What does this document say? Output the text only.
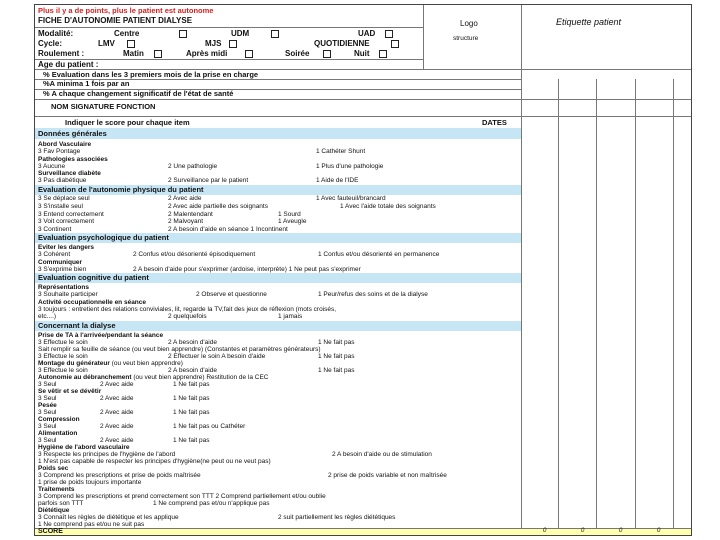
Plus il y a de points, plus le patient est autonome
FICHE D'AUTONOMIE PATIENT DIALYSE	Logo
structure
Etiquette patient
Modalité:	Centre	UDM	UAD
Cycle:	LMV	MJS	QUOTIDIENNE
Roulement :	Matin	Après midi	Soirée	Nuit
Age du patient :
% Evaluation dans les 3 premiers mois de la prise en charge
%A minima 1 fois par an
% A chaque changement significatif de l'état de santé
NOM SIGNATURE FONCTION
Indiquer le score pour chaque item	DATES
Données générales
Abord Vasculaire
3 Fav Pontage	1 Cathéter Shunt
Pathologies associées
3 Aucune	2 Une pathologie	1 Plus d'une pathologie
Surveillance diabète
3 Pas diabétique	2 Surveillance par le patient	1 Aide de l'IDE
Evaluation de l'autonomie physique du patient
3 Se déplace seul	2 Avec aide	1 Avec fauteuil/brancard
3 S'installe seul	2 Avec aide partielle des soignants	1 Avec l'aide totale des soignants
3 Entend correctement	2 Malentendant	1 Sourd
3 Voit correctement	2 Malvoyant	1 Aveugle
3 Continent	2 A besoin d'aide en séance 1 Incontinent
Evaluation psychologique du patient
Eviter les dangers
3 Cohérent	2 Confus et/ou désorienté épisodiquement	1 Confus et/ou désorienté en permanence
Communiquer
3 S'exprime bien	2 A besoin d'aide pour s'exprimer (ardoise, interprète) 1 Ne peut pas s'exprimer
Evaluation cognitive du patient
Représentations
3 Souhaite participer	2 Observe et questionne	1 Peur/refus des soins et de la dialyse
Activité occupationnelle en séance
3 toujours : entretient des relations conviviales, lit, regarde la TV,fait des jeux de réflexion (mots croisés,
etc....)	2 quelquefois	1 jamais
Concernant la dialyse
Prise de TA à l'arrivée/pendant la séance
3 Effectue le soin	2 A besoin d'aide	1 Ne fait pas
Sait remplir sa feuille de séance (ou veut bien apprendre) (Constantes et paramètres générateurs)
3 Effectue le soin	2 Effectuer le soin A besoin d'aide	1 Ne fait pas
Montage du générateur (ou veut bien apprendre)
3 Effectue le soin	2 A besoin d'aide	1 Ne fait pas
Autonomie au débranchement (ou veut bien apprendre) Restitution de la CEC
3 Seul	2 Avec aide	1 Ne fait pas
Se vêtir et se dévêtir
3 Seul	2 Avec aide	1 Ne fait pas
Pesée
3 Seul	2 Avec aide	1 Ne fait pas
Compression
3 Seul	2 Avec aide	1 Ne fait pas ou Cathéter
Alimentation
3 Seul	2 Avec aide	1 Ne fait pas
Hygiène de l'abord vasculaire
3 Respecte les principes de l'hygiène de l'abord	2 A besoin d'aide ou de stimulation
1 N'est pas capable de respecter les principes d'hygiène(ne peut ou ne veut pas)
Poids sec
3 Comprend les prescriptions et prise de poids maîtrisée	2 prise de poids variable et non maîtrisée
1 prise de poids toujours importante
Traitements
3 Comprend les prescriptions et prend correctement son TTT 2 Comprend partiellement et/ou oublie
parfois son TTT	1 Ne comprend pas et/ou n'applique pas
Diététique
3 Connaît les règles de diététique et les applique	2 suit partiellement les règles diététiques
1 Ne comprend pas et/ou ne suit pas
SCORE	0	0	0	0
